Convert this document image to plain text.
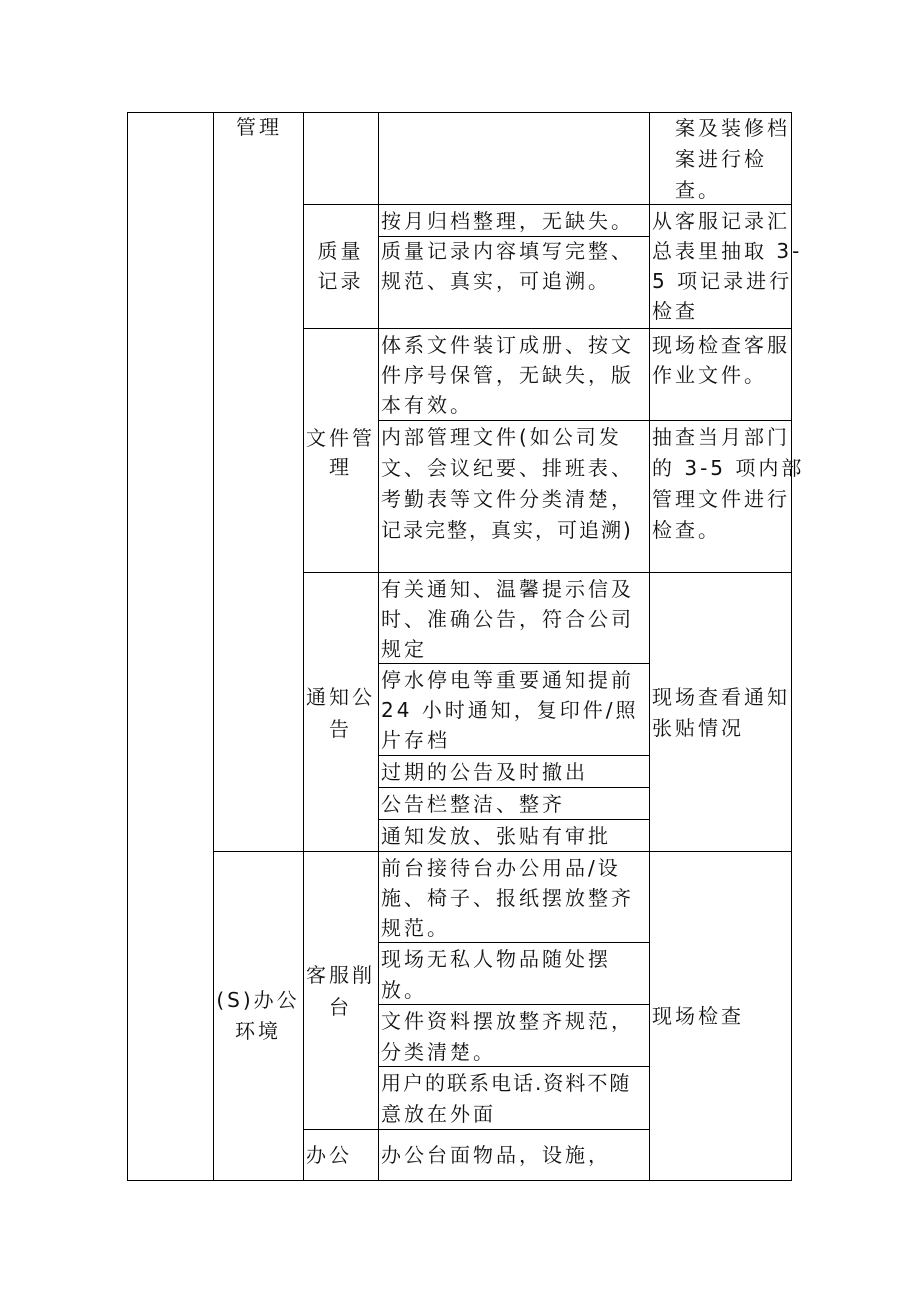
管理
(S)办公
环境
案及装修档
案进行检
查。
质量
记录
按月归档整理，无缺失。
质量记录内容填写完整、
规范、真实，可追溯。
从客服记录汇
总表里抽取 3-
5 项记录进行
检查
文件管
理
体系文件装订成册、按文
件序号保管，无缺失，版
本有效。
现场检查客服
作业文件。
内部管理文件(如公司发
文、会议纪要、排班表、
考勤表等文件分类清楚，
记录完整，真实，可追溯)
抽查当月部门
的 3-5 项内部
管理文件进行
检查。
通知公
告
有关通知、温馨提示信及
时、准确公告，符合公司
规定
停水停电等重要通知提前
24 小时通知，复印件/照
片存档
过期的公告及时撤出
公告栏整洁、整齐
通知发放、张贴有审批
现场查看通知
张贴情况
客服削
台
前台接待台办公用品/设
施、椅子、报纸摆放整齐
规范。
现场无私人物品随处摆
放。
文件资料摆放整齐规范，
分类清楚。
用户的联系电话.资料不随
意放在外面
现场检查
办公 办公台面物品，设施，
